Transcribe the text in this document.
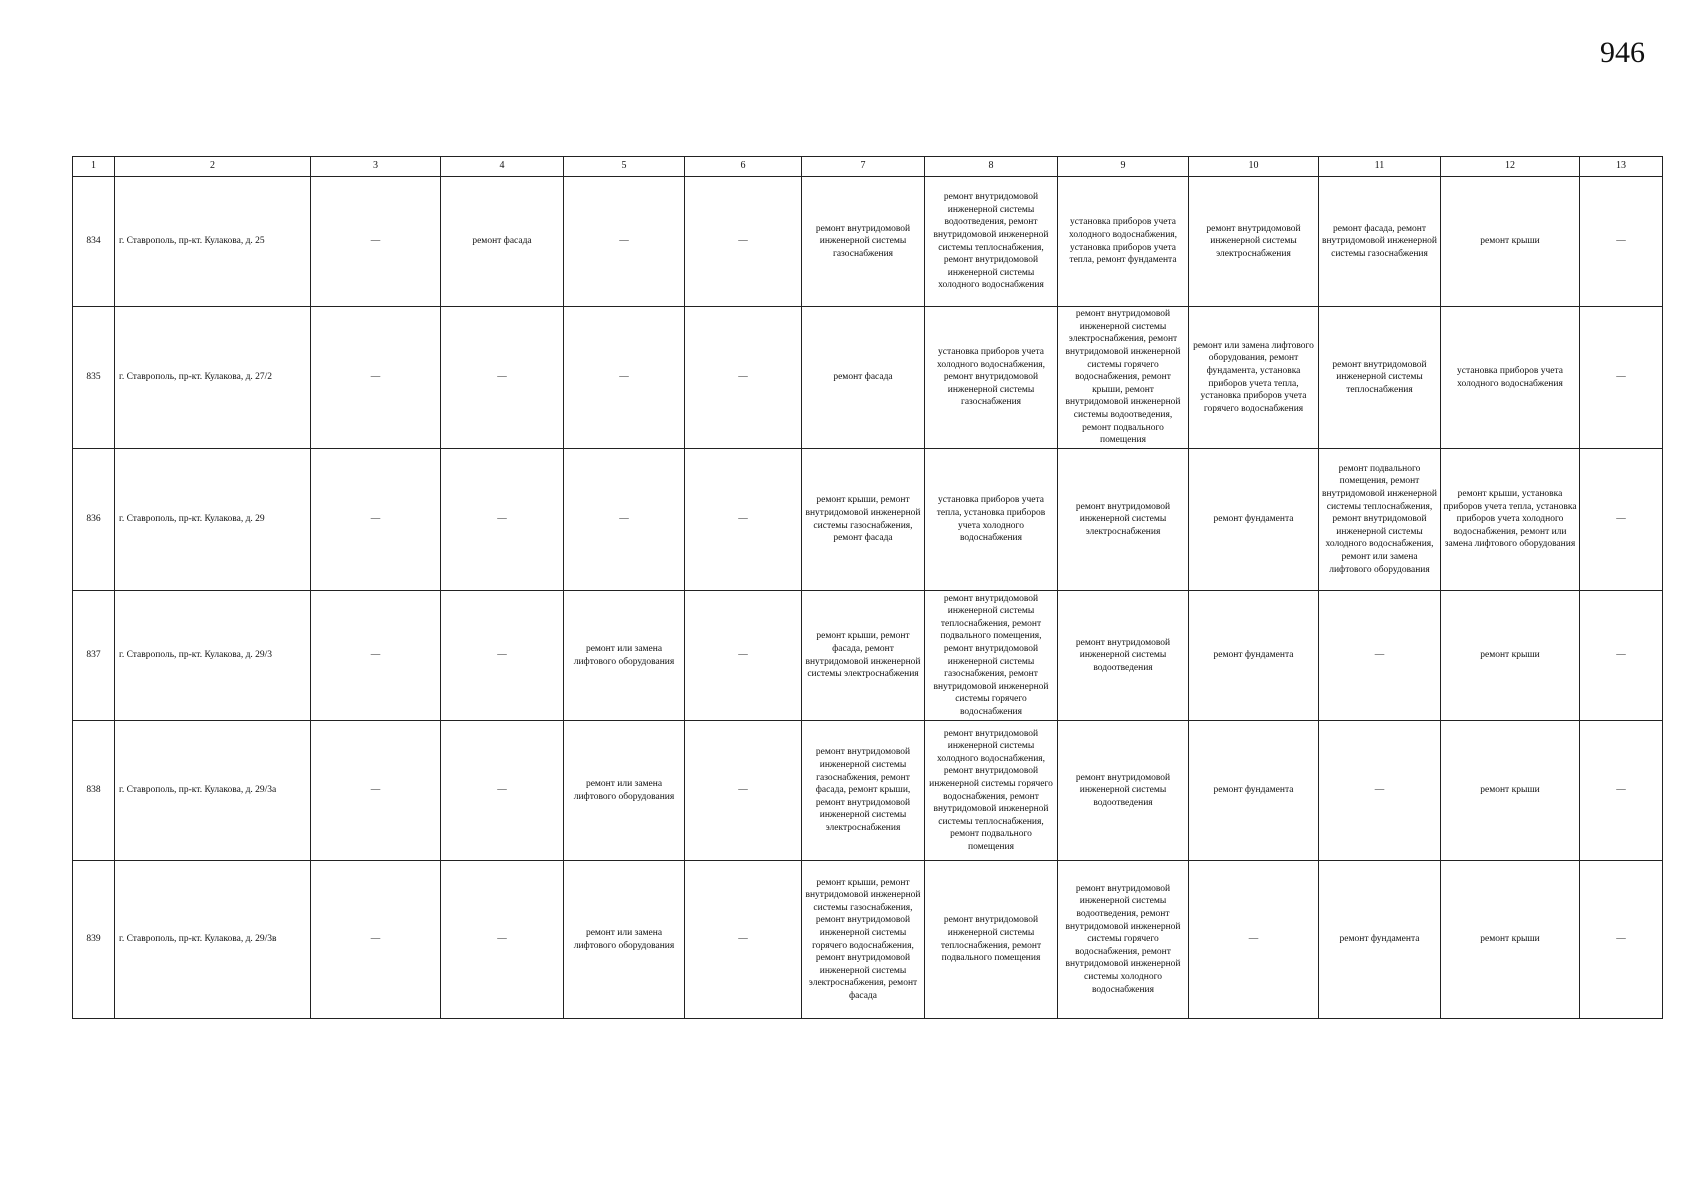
946
1	2	3	4	5	6	7	8	9	10	11	12	13
834	г. Ставрополь, пр-кт. Кулакова, д. 25	—	ремонт фасада	—	—	ремонт внутридомовой инженерной системы газоснабжения	ремонт внутридомовой инженерной системы водоотведения, ремонт внутридомовой инженерной системы теплоснабжения, ремонт внутридомовой инженерной системы холодного водоснабжения	установка приборов учета холодного водоснабжения, установка приборов учета тепла, ремонт фундамента	ремонт внутридомовой инженерной системы электроснабжения	ремонт фасада, ремонт внутридомовой инженерной системы газоснабжения	ремонт крыши	—
835	г. Ставрополь, пр-кт. Кулакова, д. 27/2	—	—	—	—	ремонт фасада	установка приборов учета холодного водоснабжения, ремонт внутридомовой инженерной системы газоснабжения	ремонт внутридомовой инженерной системы электроснабжения, ремонт внутридомовой инженерной системы горячего водоснабжения, ремонт крыши, ремонт внутридомовой инженерной системы водоотведения, ремонт подвального помещения	ремонт или замена лифтового оборудования, ремонт фундамента, установка приборов учета тепла, установка приборов учета горячего водоснабжения	ремонт внутридомовой инженерной системы теплоснабжения	установка приборов учета холодного водоснабжения	—
836	г. Ставрополь, пр-кт. Кулакова, д. 29	—	—	—	—	ремонт крыши, ремонт внутридомовой инженерной системы газоснабжения, ремонт фасада	установка приборов учета тепла, установка приборов учета холодного водоснабжения	ремонт внутридомовой инженерной системы электроснабжения	ремонт фундамента	ремонт подвального помещения, ремонт внутридомовой инженерной системы теплоснабжения, ремонт внутридомовой инженерной системы холодного водоснабжения, ремонт или замена лифтового оборудования	ремонт крыши, установка приборов учета тепла, установка приборов учета холодного водоснабжения, ремонт или замена лифтового оборудования	—
837	г. Ставрополь, пр-кт. Кулакова, д. 29/3	—	—	ремонт или замена лифтового оборудования	—	ремонт крыши, ремонт фасада, ремонт внутридомовой инженерной системы электроснабжения	ремонт внутридомовой инженерной системы теплоснабжения, ремонт подвального помещения, ремонт внутридомовой инженерной системы газоснабжения, ремонт внутридомовой инженерной системы горячего водоснабжения	ремонт внутридомовой инженерной системы водоотведения	ремонт фундамента	—	ремонт крыши	—
838	г. Ставрополь, пр-кт. Кулакова, д. 29/3а	—	—	ремонт или замена лифтового оборудования	—	ремонт внутридомовой инженерной системы газоснабжения, ремонт фасада, ремонт крыши, ремонт внутридомовой инженерной системы электроснабжения	ремонт внутридомовой инженерной системы холодного водоснабжения, ремонт внутридомовой инженерной системы горячего водоснабжения, ремонт внутридомовой инженерной системы теплоснабжения, ремонт подвального помещения	ремонт внутридомовой инженерной системы водоотведения	ремонт фундамента	—	ремонт крыши	—
839	г. Ставрополь, пр-кт. Кулакова, д. 29/3в	—	—	ремонт или замена лифтового оборудования	—	ремонт крыши, ремонт внутридомовой инженерной системы газоснабжения, ремонт внутридомовой инженерной системы горячего водоснабжения, ремонт внутридомовой инженерной системы электроснабжения, ремонт фасада	ремонт внутридомовой инженерной системы теплоснабжения, ремонт подвального помещения	ремонт внутридомовой инженерной системы водоотведения, ремонт внутридомовой инженерной системы горячего водоснабжения, ремонт внутридомовой инженерной системы холодного водоснабжения	—	ремонт фундамента	ремонт крыши	—
